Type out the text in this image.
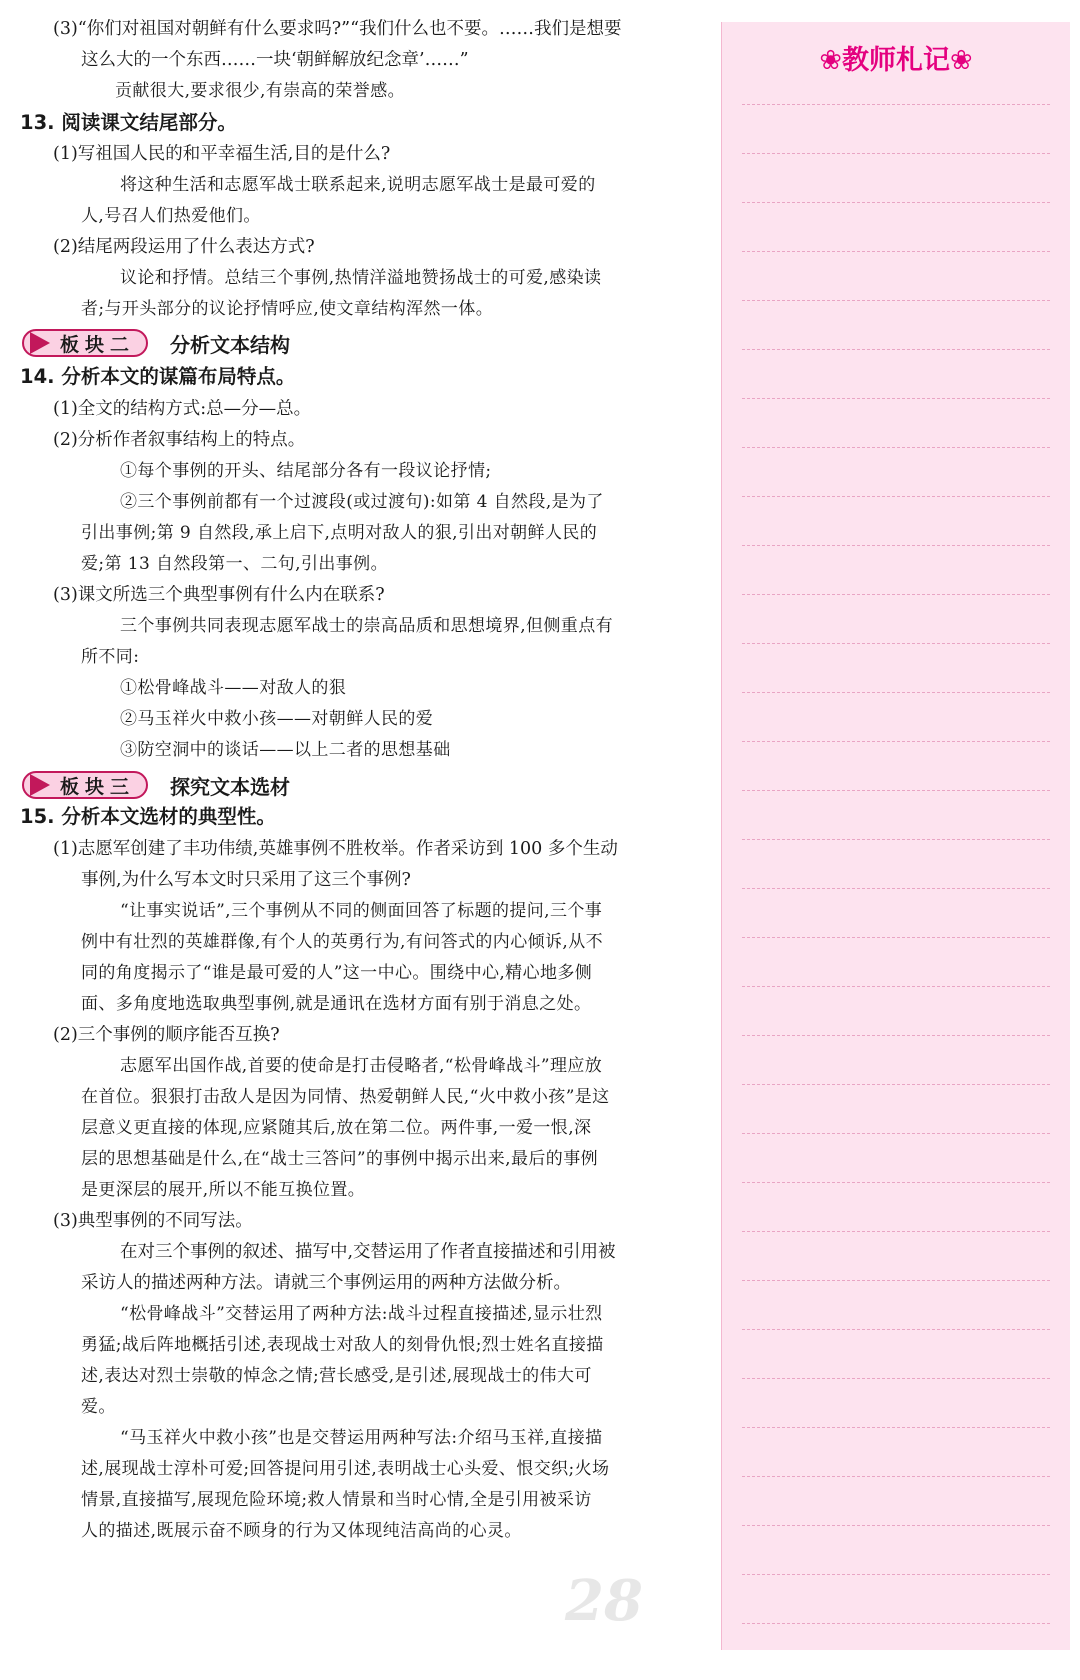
(3)“你们对祖国对朝鲜有什么要求吗?”“我们什么也不要。……我们是想要
这么大的一个东西……一块‘朝鲜解放纪念章’……”
贡献很大,要求很少,有崇高的荣誉感。
13. 阅读课文结尾部分。
(1)写祖国人民的和平幸福生活,目的是什么?
将这种生活和志愿军战士联系起来,说明志愿军战士是最可爱的
人,号召人们热爱他们。
(2)结尾两段运用了什么表达方式?
议论和抒情。总结三个事例,热情洋溢地赞扬战士的可爱,感染读
者;与开头部分的议论抒情呼应,使文章结构浑然一体。
板块二 分析文本结构
14. 分析本文的谋篇布局特点。
(1)全文的结构方式:总—分—总。
(2)分析作者叙事结构上的特点。
①每个事例的开头、结尾部分各有一段议论抒情;
②三个事例前都有一个过渡段(或过渡句):如第 4 自然段,是为了
引出事例;第 9 自然段,承上启下,点明对敌人的狠,引出对朝鲜人民的
爱;第 13 自然段第一、二句,引出事例。
(3)课文所选三个典型事例有什么内在联系?
三个事例共同表现志愿军战士的崇高品质和思想境界,但侧重点有
所不同:
①松骨峰战斗——对敌人的狠
②马玉祥火中救小孩——对朝鲜人民的爱
③防空洞中的谈话——以上二者的思想基础
板块三 探究文本选材
15. 分析本文选材的典型性。
(1)志愿军创建了丰功伟绩,英雄事例不胜枚举。作者采访到 100 多个生动
事例,为什么写本文时只采用了这三个事例?
“让事实说话”,三个事例从不同的侧面回答了标题的提问,三个事
例中有壮烈的英雄群像,有个人的英勇行为,有问答式的内心倾诉,从不
同的角度揭示了“谁是最可爱的人”这一中心。围绕中心,精心地多侧
面、多角度地选取典型事例,就是通讯在选材方面有别于消息之处。
(2)三个事例的顺序能否互换?
志愿军出国作战,首要的使命是打击侵略者,“松骨峰战斗”理应放
在首位。狠狠打击敌人是因为同情、热爱朝鲜人民,“火中救小孩”是这
层意义更直接的体现,应紧随其后,放在第二位。两件事,一爱一恨,深
层的思想基础是什么,在“战士三答问”的事例中揭示出来,最后的事例
是更深层的展开,所以不能互换位置。
(3)典型事例的不同写法。
在对三个事例的叙述、描写中,交替运用了作者直接描述和引用被
采访人的描述两种方法。请就三个事例运用的两种方法做分析。
“松骨峰战斗”交替运用了两种方法:战斗过程直接描述,显示壮烈
勇猛;战后阵地概括引述,表现战士对敌人的刻骨仇恨;烈士姓名直接描
述,表达对烈士崇敬的悼念之情;营长感受,是引述,展现战士的伟大可
爱。
“马玉祥火中救小孩”也是交替运用两种写法:介绍马玉祥,直接描
述,展现战士淳朴可爱;回答提问用引述,表明战士心头爱、恨交织;火场
情景,直接描写,展现危险环境;救人情景和当时心情,全是引用被采访
人的描述,既展示奋不顾身的行为又体现纯洁高尚的心灵。
28
❀教师札记❀
